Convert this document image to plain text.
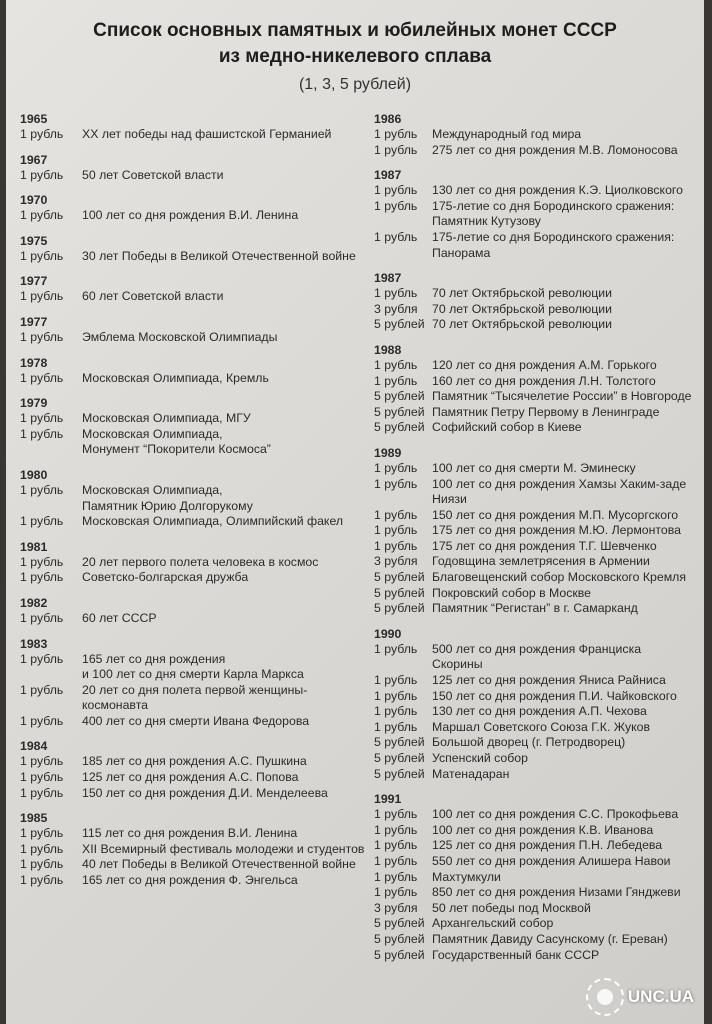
Список основных памятных и юбилейных монет СССР
из медно-никелевого сплава
(1, 3, 5 рублей)
1965
1 рубль	XX лет победы над фашистской Германией
1967
1 рубль	50 лет Советской власти
1970
1 рубль	100 лет со дня рождения В.И. Ленина
1975
1 рубль	30 лет Победы в Великой Отечественной войне
1977
1 рубль	60 лет Советской власти
1977
1 рубль	Эмблема Московской Олимпиады
1978
1 рубль	Московская Олимпиада, Кремль
1979
1 рубль	Московская Олимпиада, МГУ
1 рубль	Московская Олимпиада,
Монумент “Покорители Космоса”
1980
1 рубль	Московская Олимпиада,
Памятник Юрию Долгорукому
1 рубль	Московская Олимпиада, Олимпийский факел
1981
1 рубль	20 лет первого полета человека в космос
1 рубль	Советско-болгарская дружба
1982
1 рубль	60 лет СССР
1983
1 рубль	165 лет со дня рождения
и 100 лет со дня смерти Карла Маркса
1 рубль	20 лет со дня полета первой женщины-
космонавта
1 рубль	400 лет со дня смерти Ивана Федорова
1984
1 рубль	185 лет со дня рождения А.С. Пушкина
1 рубль	125 лет со дня рождения А.С. Попова
1 рубль	150 лет со дня рождения Д.И. Менделеева
1985
1 рубль	115 лет со дня рождения В.И. Ленина
1 рубль	XII Всемирный фестиваль молодежи и студентов
1 рубль	40 лет Победы в Великой Отечественной войне
1 рубль	165 лет со дня рождения Ф. Энгельса
1986
1 рубль	Международный год мира
1 рубль	275 лет со дня рождения М.В. Ломоносова
1987
1 рубль	130 лет со дня рождения К.Э. Циолковского
1 рубль	175-летие со дня Бородинского сражения:
Памятник Кутузову
1 рубль	175-летие со дня Бородинского сражения:
Панорама
1987
1 рубль	70 лет Октябрьской революции
3 рубля	70 лет Октябрьской революции
5 рублей 70 лет Октябрьской революции
1988
1 рубль	120 лет со дня рождения А.М. Горького
1 рубль	160 лет со дня рождения Л.Н. Толстого
5 рублей Памятник “Тысячелетие России” в Новгороде
5 рублей Памятник Петру Первому в Ленинграде
5 рублей Софийский собор в Киеве
1989
1 рубль	100 лет со дня смерти М. Эминеску
1 рубль	100 лет со дня рождения Хамзы Хаким-заде
Ниязи
1 рубль	150 лет со дня рождения М.П. Мусоргского
1 рубль	175 лет со дня рождения М.Ю. Лермонтова
1 рубль	175 лет со дня рождения Т.Г. Шевченко
3 рубля	Годовщина землетрясения в Армении
5 рублей Благовещенский собор Московского Кремля
5 рублей Покровский собор в Москве
5 рублей Памятник “Регистан” в г. Самарканд
1990
1 рубль	500 лет со дня рождения Франциска
Скорины
1 рубль	125 лет со дня рождения Яниса Райниса
1 рубль	150 лет со дня рождения П.И. Чайковского
1 рубль	130 лет со дня рождения А.П. Чехова
1 рубль	Маршал Советского Союза Г.К. Жуков
5 рублей Большой дворец (г. Петродворец)
5 рублей Успенский собор
5 рублей Матенадаран
1991
1 рубль	100 лет со дня рождения С.С. Прокофьева
1 рубль	100 лет со дня рождения К.В. Иванова
1 рубль	125 лет со дня рождения П.Н. Лебедева
1 рубль	550 лет со дня рождения Алишера Навои
1 рубль	Махтумкули
1 рубль	850 лет со дня рождения Низами Гянджеви
3 рубля	50 лет победы под Москвой
5 рублей Архангельский собор
5 рублей Памятник Давиду Сасунскому (г. Ереван)
5 рублей Государственный банк СССР
UNC.UA
